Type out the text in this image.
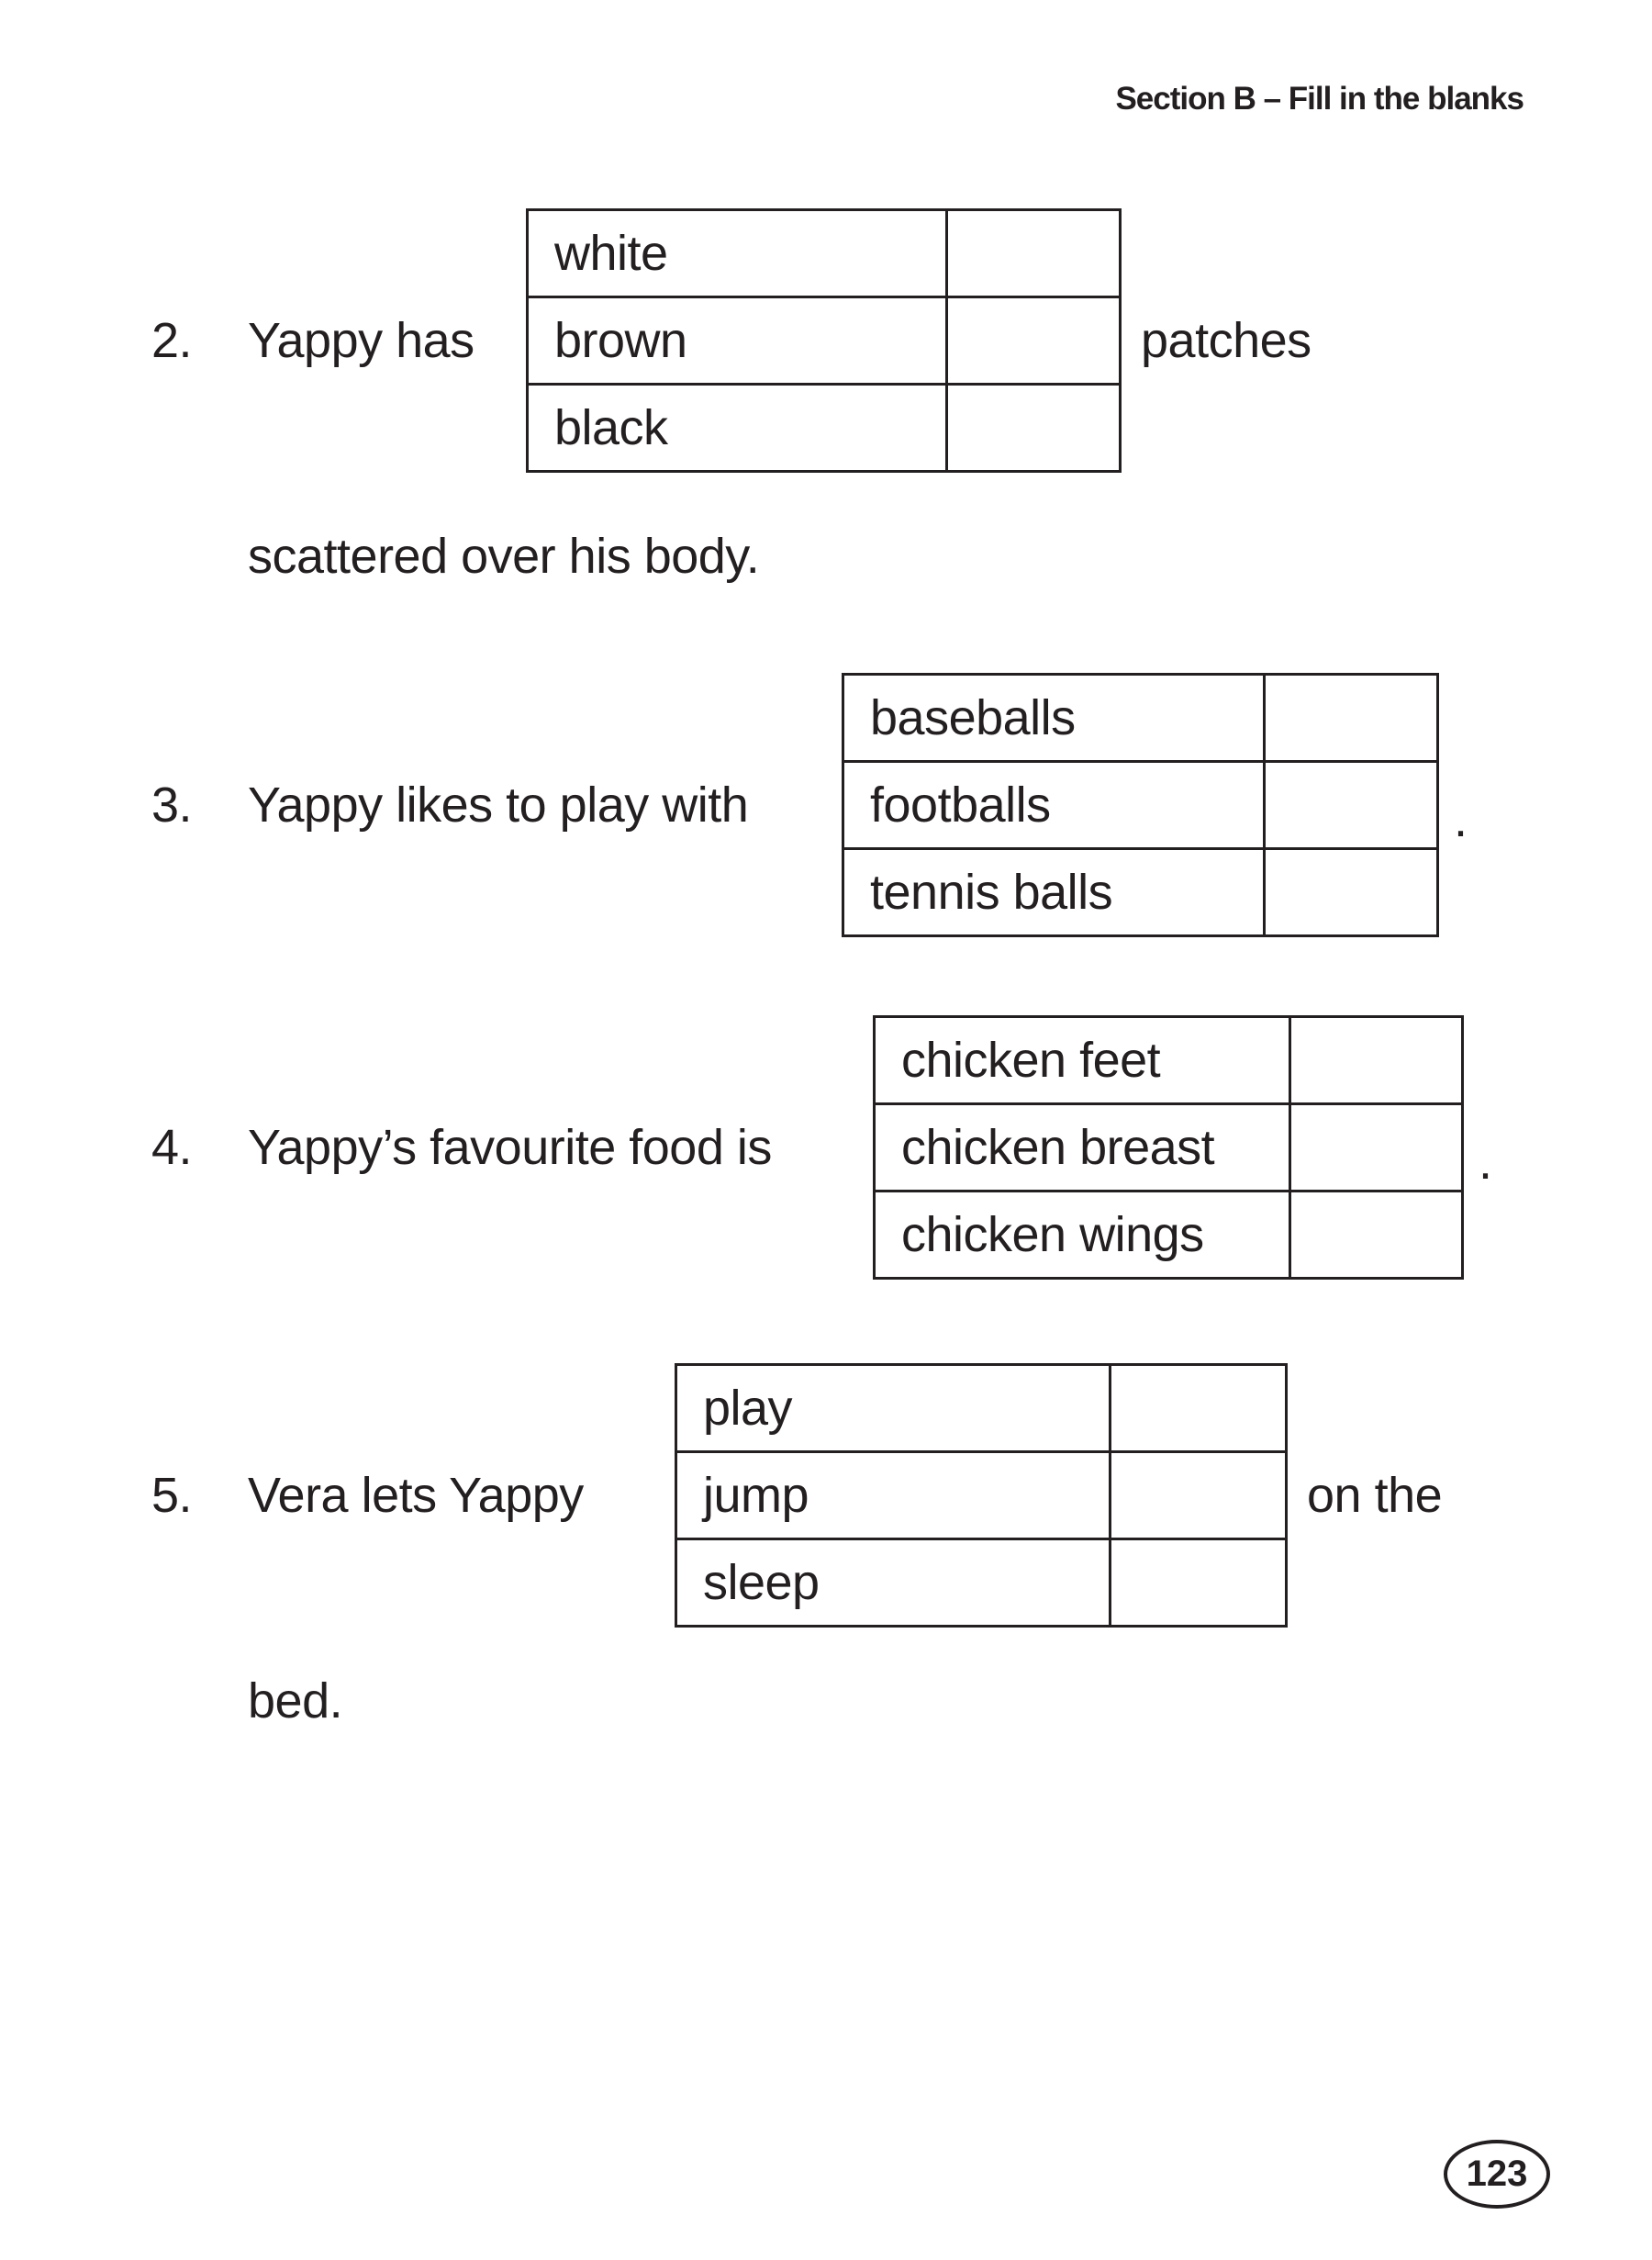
Section B – Fill in the blanks
2.	Yappy has
white	
brown	
black	
patches
scattered over his body.
3.	Yappy likes to play with
baseballs	
footballs	
tennis balls	
.
4.	Yappy’s favourite food is
chicken feet	
chicken breast	
chicken wings	
.
5.	Vera lets Yappy
play	
jump	
sleep	
on the
bed.
123
